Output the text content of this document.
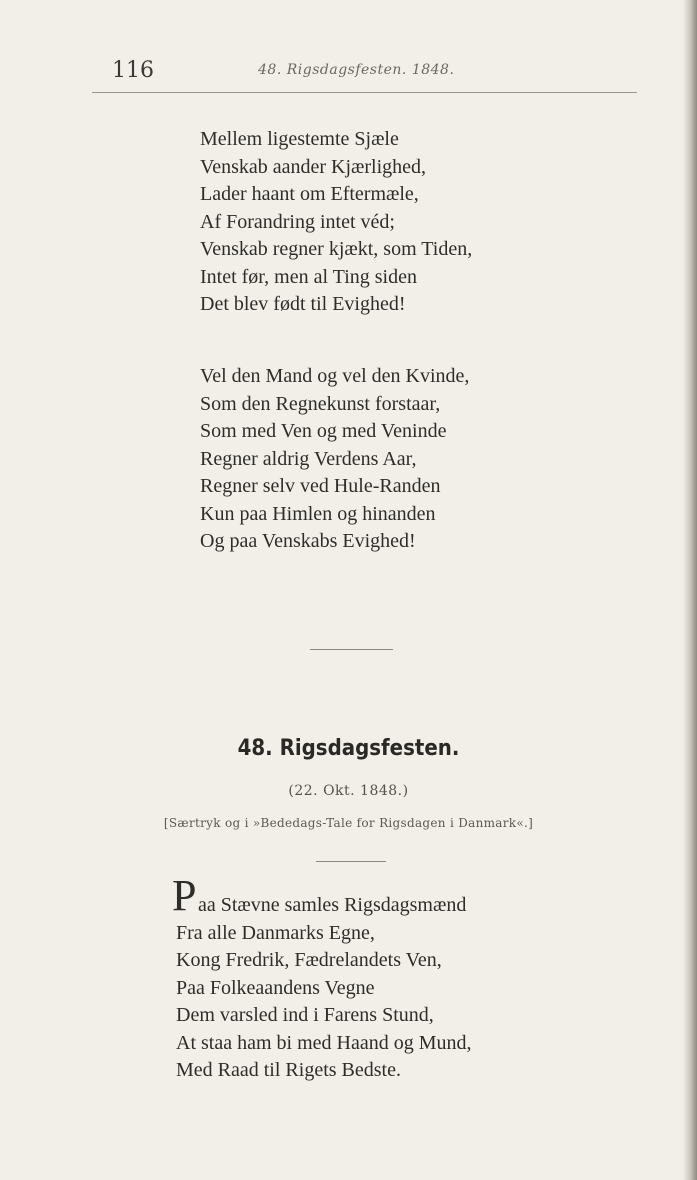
116	48. Rigsdagsfesten. 1848.
Mellem ligestemte Sjæle
Venskab aander Kjærlighed,
Lader haant om Eftermæle,
Af Forandring intet véd;
Venskab regner kjækt, som Tiden,
Intet før, men al Ting siden
Det blev født til Evighed!
Vel den Mand og vel den Kvinde,
Som den Regnekunst forstaar,
Som med Ven og med Veninde
Regner aldrig Verdens Aar,
Regner selv ved Hule-Randen
Kun paa Himlen og hinanden
Og paa Venskabs Evighed!
48. Rigsdagsfesten.
(22. Okt. 1848.)
[Særtryk og i »Bededags-Tale for Rigsdagen i Danmark«.]
P aa Stævne samles Rigsdagsmænd
Fra alle Danmarks Egne,
Kong Fredrik, Fædrelandets Ven,
Paa Folkeaandens Vegne
Dem varsled ind i Farens Stund,
At staa ham bi med Haand og Mund,
Med Raad til Rigets Bedste.
